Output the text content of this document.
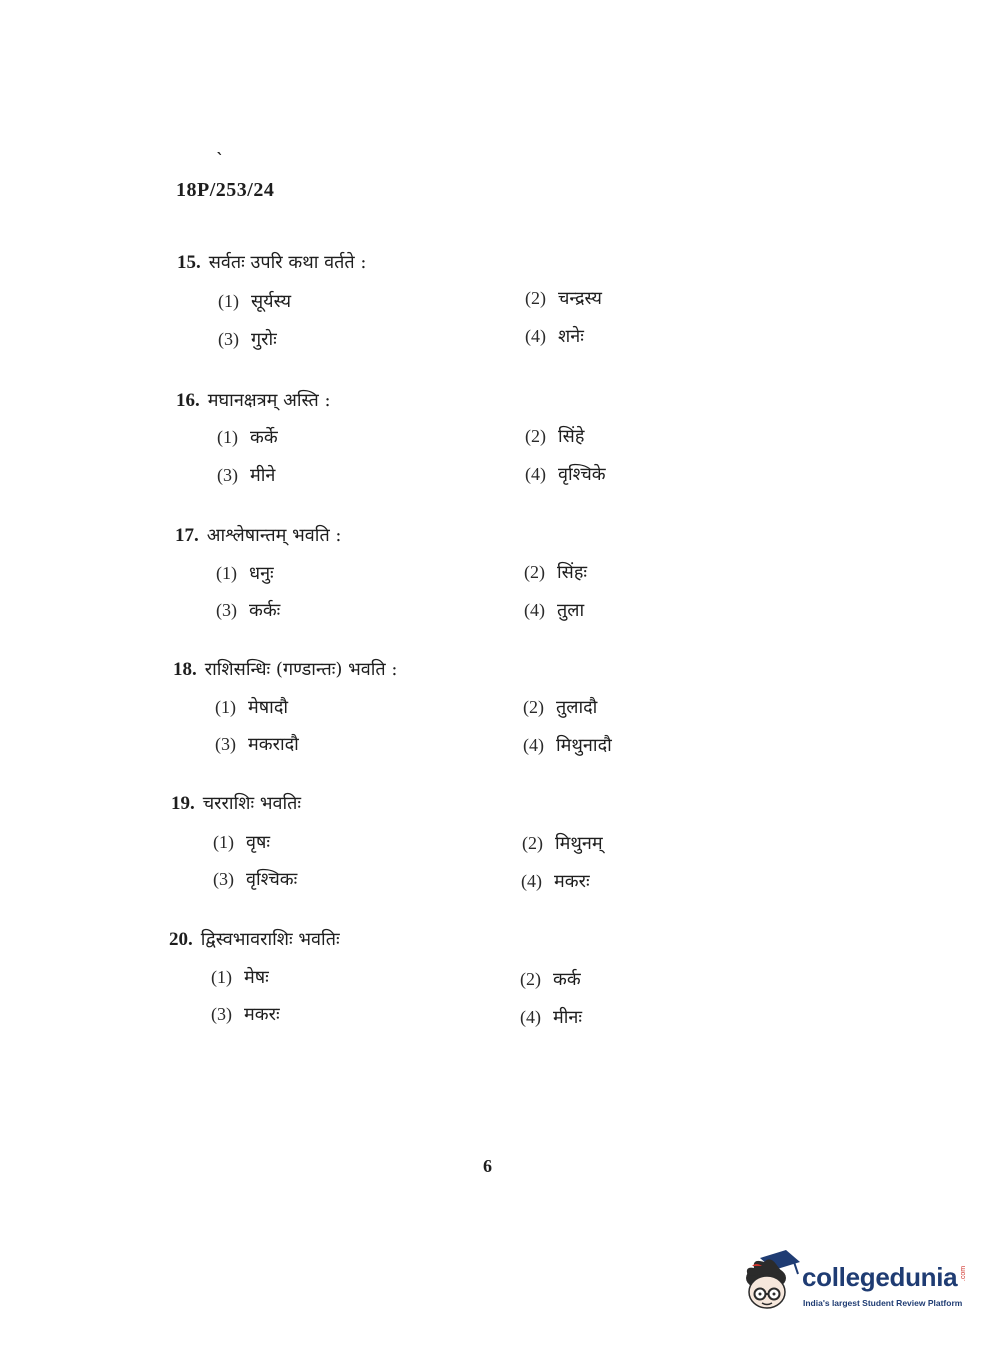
`
18P/253/24
15. सर्वतः उपरि कथा वर्तते :
(1) सूर्यस्य	(2) चन्द्रस्य
(3) गुरोः	(4) शनेः
16. मघानक्षत्रम् अस्ति :
(1) कर्के	(2) सिंहे
(3) मीने	(4) वृश्चिके
17. आश्लेषान्तम् भवति :
(1) धनुः	(2) सिंहः
(3) कर्कः	(4) तुला
18. राशिसन्धिः (गण्डान्तः) भवति :
(1) मेषादौ	(2) तुलादौ
(3) मकरादौ	(4) मिथुनादौ
19. चरराशिः भवतिः
(1) वृषः	(2) मिथुनम्
(3) वृश्चिकः	(4) मकरः
20. द्विस्वभावराशिः भवतिः
(1) मेषः	(2) कर्क
(3) मकरः	(4) मीनः
6
collegedunia .com
India's largest Student Review Platform
